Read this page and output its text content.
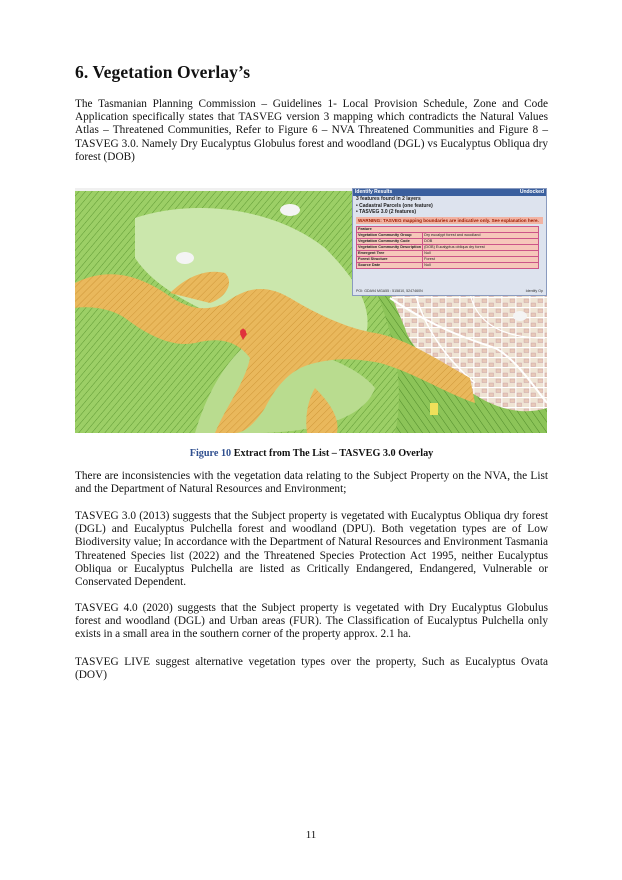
6. Vegetation Overlay’s

The Tasmanian Planning Commission – Guidelines 1- Local Provision Schedule, Zone and Code Application specifically states that TASVEG version 3 mapping which contradicts the Natural Values Atlas – Threatened Communities, Refer to Figure 6 – NVA Threatened Communities and Figure 8 – TASVEG 3.0. Namely Dry Eucalyptus Globulus forest and woodland (DGL) vs Eucalyptus Obliqua dry forest (DOB)

Identify Results	Undocked
3 features found in 2 layers
• Cadastral Parcels (one feature)
• TASVEG 3.0 (2 features)
WARNING: TASVEG mapping boundaries are indicative only. See explanation here.
Feature	
Vegetation Community Group	Dry eucalypt forest and woodland
Vegetation Community Code	DOB
Vegetation Community Description	(DOB) Eucalyptus obliqua dry forest
Emergent Tree	Null
Forest Structure	Forest
Source Date	Null
POI: GDA94 MGA55 : 515810, 5247460N	Identify Op
Figure 10 Extract from The List – TASVEG 3.0 Overlay

There are inconsistencies with the vegetation data relating to the Subject Property on the NVA, the List and the Department of Natural Resources and Environment;

TASVEG 3.0 (2013) suggests that the Subject property is vegetated with Eucalyptus Obliqua dry forest (DGL) and Eucalyptus Pulchella forest and woodland (DPU). Both vegetation types are of Low Biodiversity value; In accordance with the Department of Natural Resources and Environment Tasmania Threatened Species list (2022) and the Threatened Species Protection Act 1995, neither Eucalyptus Obliqua or Eucalyptus Pulchella are listed as Critically Endangered, Endangered, Vulnerable or Conservated Dependent.

TASVEG 4.0 (2020) suggests that the Subject property is vegetated with Dry Eucalyptus Globulus forest and woodland (DGL) and Urban areas (FUR). The Classification of Eucalyptus Pulchella only exists in a small area in the southern corner of the property approx. 2.1 ha.

TASVEG LIVE suggest alternative vegetation types over the property, Such as Eucalyptus Ovata (DOV)

11
